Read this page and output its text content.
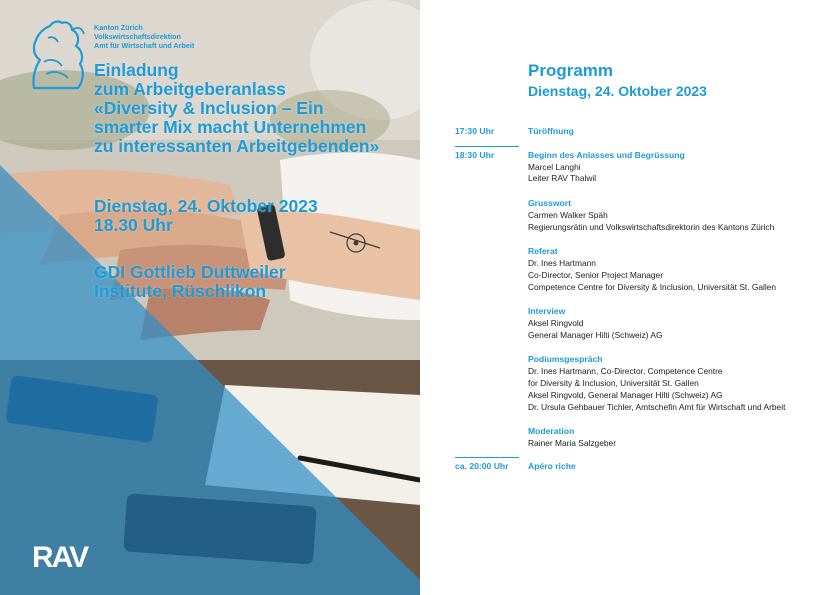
Kanton Zürich
Volkswirtschaftsdirektion
Amt für Wirtschaft und Arbeit
Einladung
zum Arbeitgeberanlass
«Diversity & Inclusion – Ein
smarter Mix macht Unternehmen
zu interessanten Arbeitgebenden»
Dienstag, 24. Oktober 2023
18.30 Uhr
GDI Gottlieb Duttweiler
Institute, Rüschlikon
RAV
Programm
Dienstag, 24. Oktober 2023
17:30 Uhr	Türöffnung
18:30 Uhr	Beginn des Anlasses und Begrüssung
Marcel Langhi
Leiter RAV Thalwil
Grusswort
Carmen Walker Späh
Regierungsrätin und Volkswirtschaftsdirektorin des Kantons Zürich
Referat
Dr. Ines Hartmann
Co-Director, Senior Project Manager
Competence Centre for Diversity & Inclusion, Universität St. Gallen
Interview
Aksel Ringvold
General Manager Hilti (Schweiz) AG
Podiumsgespräch
Dr. Ines Hartmann, Co-Director, Competence Centre
for Diversity & Inclusion, Universität St. Gallen
Aksel Ringvold, General Manager Hilti (Schweiz) AG
Dr. Ursula Gehbauer Tichler, Amtschefin Amt für Wirtschaft und Arbeit
Moderation
Rainer Maria Salzgeber
ca. 20:00 Uhr Apéro riche
